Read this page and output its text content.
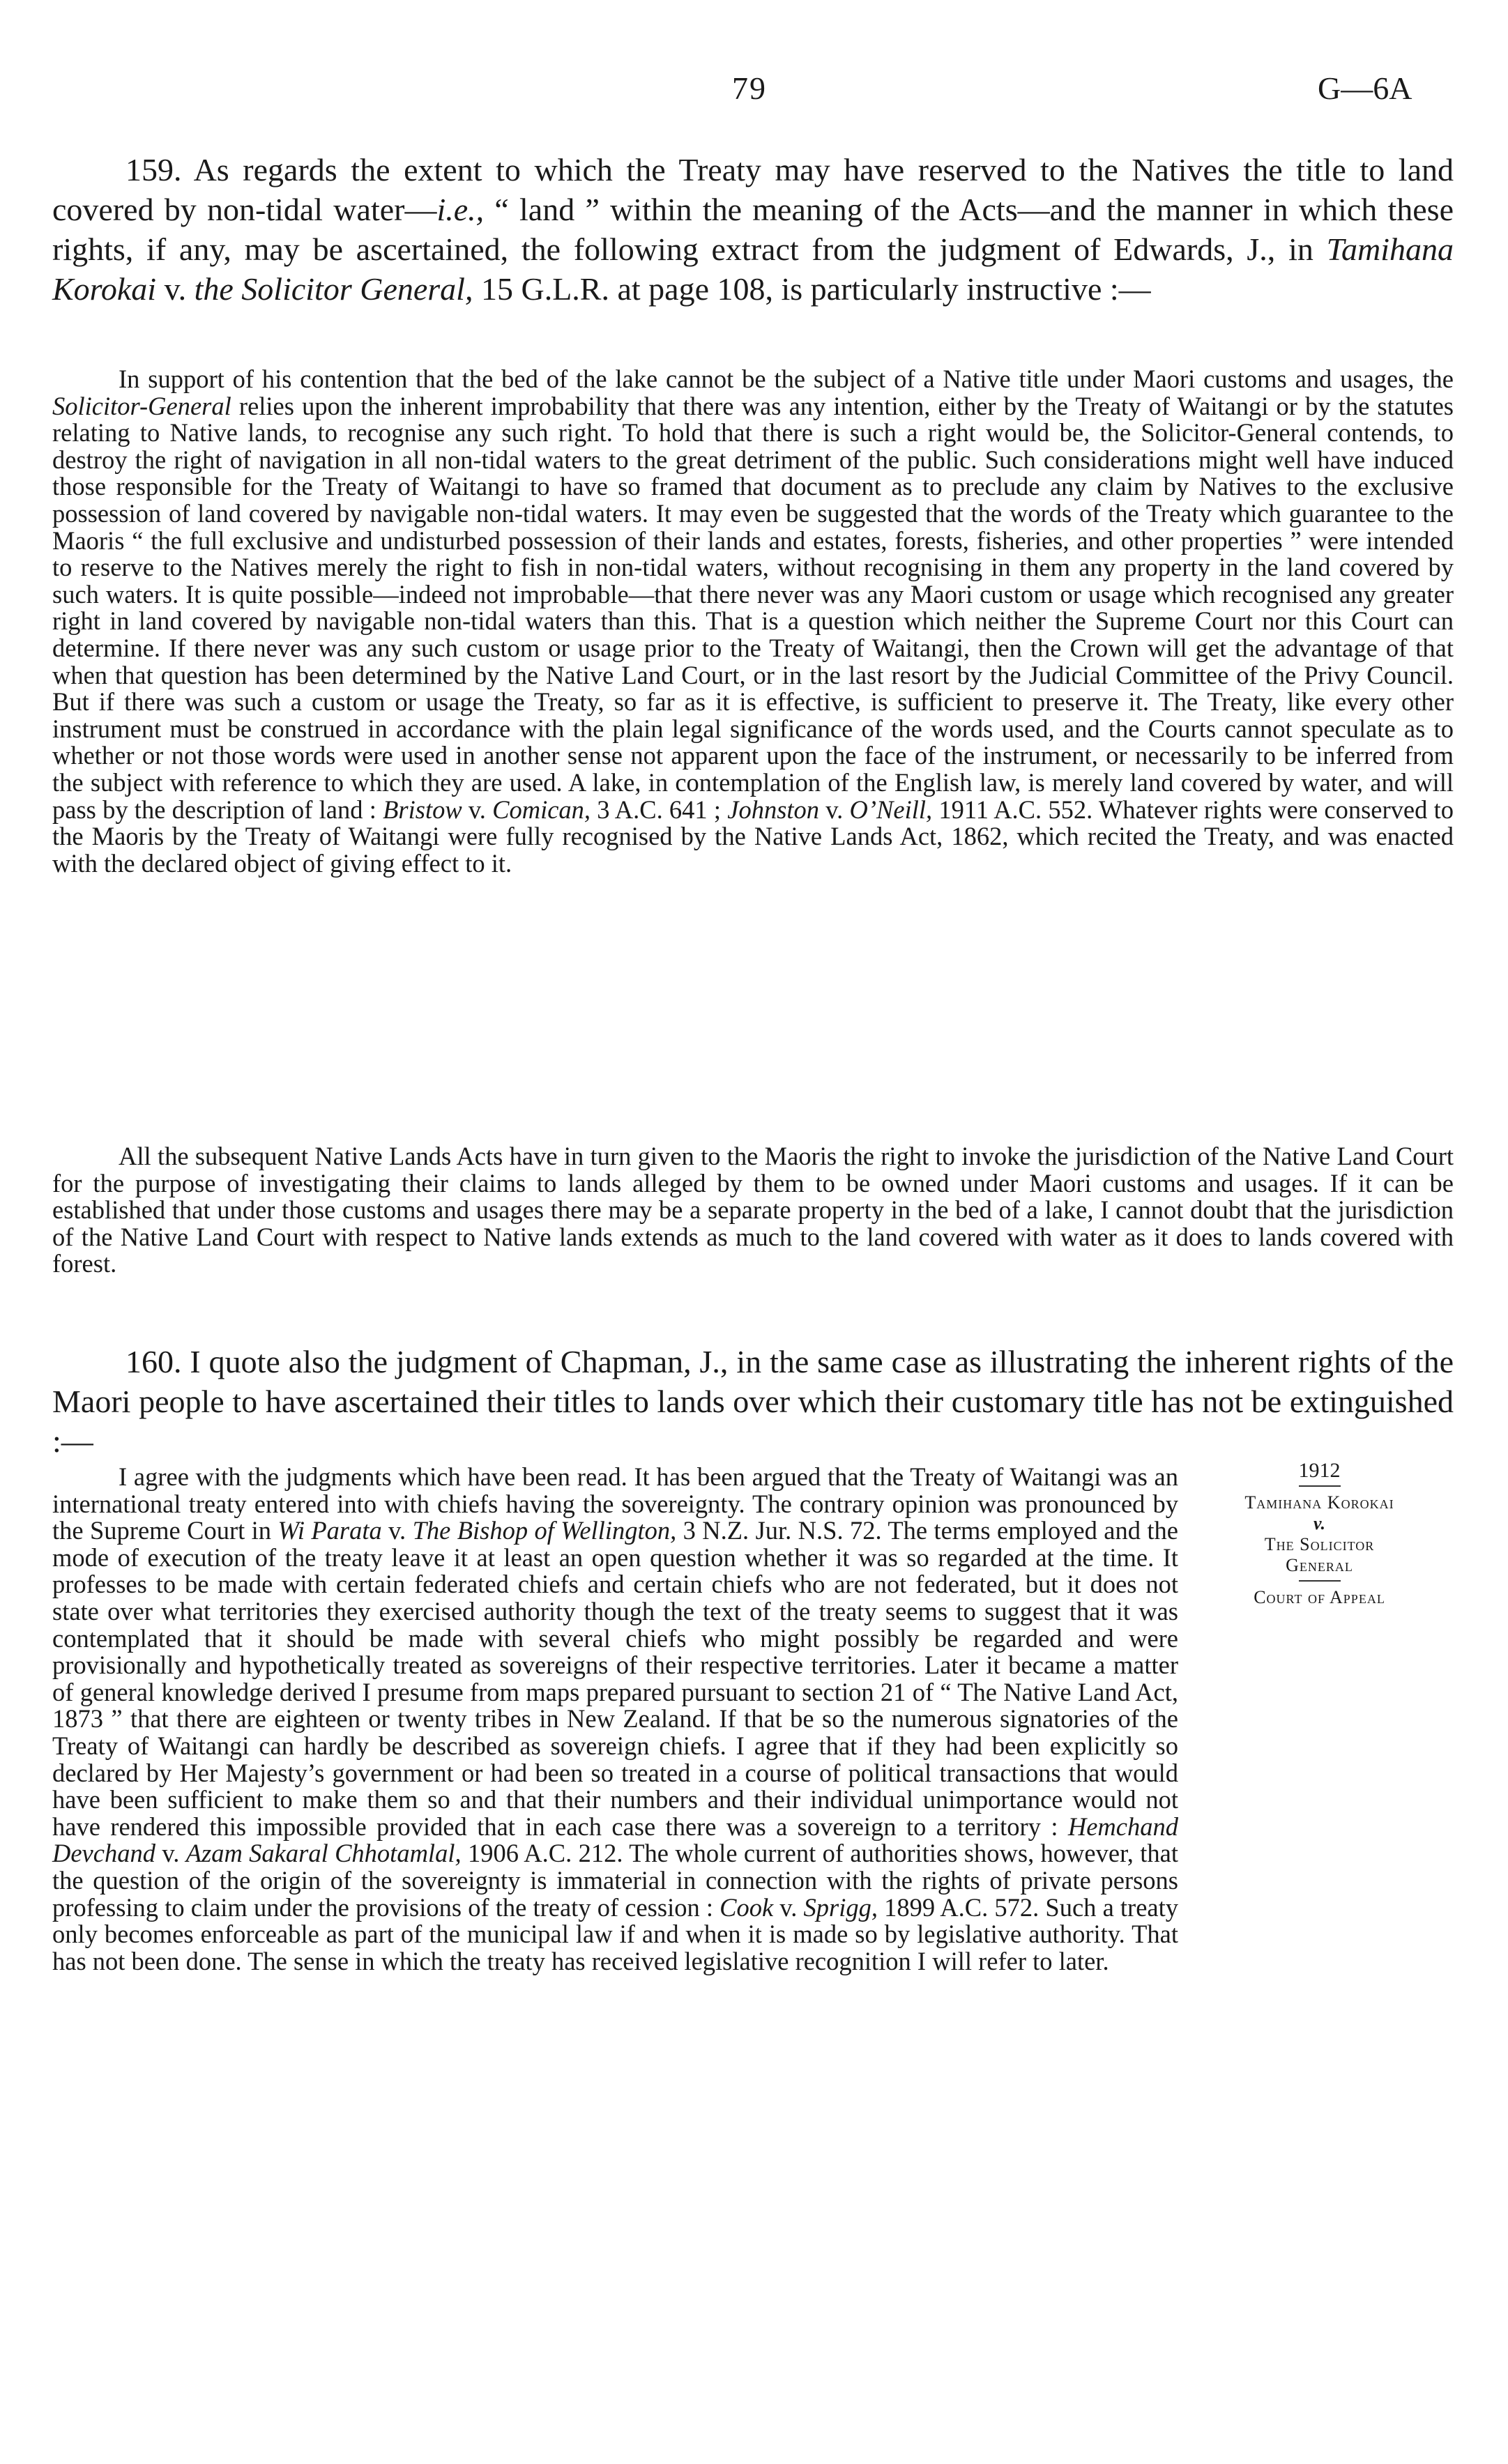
79	G—6A

159. As regards the extent to which the Treaty may have reserved to the Natives the title to land covered by non-tidal water—i.e., “ land ” within the meaning of the Acts—and the manner in which these rights, if any, may be ascertained, the following extract from the judgment of Edwards, J., in Tamihana Korokai v. the Solicitor General, 15 G.L.R. at page 108, is particularly instructive :—

In support of his contention that the bed of the lake cannot be the subject of a Native title under Maori customs and usages, the Solicitor-General relies upon the inherent improbability that there was any intention, either by the Treaty of Waitangi or by the statutes relating to Native lands, to recognise any such right. To hold that there is such a right would be, the Solicitor-General contends, to destroy the right of navigation in all non-tidal waters to the great detriment of the public. Such considerations might well have induced those responsible for the Treaty of Waitangi to have so framed that document as to preclude any claim by Natives to the exclusive possession of land covered by navigable non-tidal waters. It may even be suggested that the words of the Treaty which guarantee to the Maoris “ the full exclusive and undisturbed possession of their lands and estates, forests, fisheries, and other properties ” were intended to reserve to the Natives merely the right to fish in non-tidal waters, without recognising in them any property in the land covered by such waters. It is quite possible—indeed not improbable—that there never was any Maori custom or usage which recognised any greater right in land covered by navigable non-tidal waters than this. That is a question which neither the Supreme Court nor this Court can determine. If there never was any such custom or usage prior to the Treaty of Waitangi, then the Crown will get the advantage of that when that question has been determined by the Native Land Court, or in the last resort by the Judicial Committee of the Privy Council. But if there was such a custom or usage the Treaty, so far as it is effective, is sufficient to preserve it. The Treaty, like every other instrument must be construed in accordance with the plain legal significance of the words used, and the Courts cannot speculate as to whether or not those words were used in another sense not apparent upon the face of the instrument, or necessarily to be inferred from the subject with reference to which they are used. A lake, in contemplation of the English law, is merely land covered by water, and will pass by the description of land : Bristow v. Comican, 3 A.C. 641 ; Johnston v. O’Neill, 1911 A.C. 552. Whatever rights were conserved to the Maoris by the Treaty of Waitangi were fully recognised by the Native Lands Act, 1862, which recited the Treaty, and was enacted with the declared object of giving effect to it.

All the subsequent Native Lands Acts have in turn given to the Maoris the right to invoke the jurisdiction of the Native Land Court for the purpose of investigating their claims to lands alleged by them to be owned under Maori customs and usages. If it can be established that under those customs and usages there may be a separate property in the bed of a lake, I cannot doubt that the jurisdiction of the Native Land Court with respect to Native lands extends as much to the land covered with water as it does to lands covered with forest.

160. I quote also the judgment of Chapman, J., in the same case as illustrating the inherent rights of the Maori people to have ascertained their titles to lands over which their customary title has not be extinguished :—

I agree with the judgments which have been read. It has been argued that the Treaty of Waitangi was an international treaty entered into with chiefs having the sovereignty. The contrary opinion was pronounced by the Supreme Court in Wi Parata v. The Bishop of Wellington, 3 N.Z. Jur. N.S. 72. The terms employed and the mode of execution of the treaty leave it at least an open question whether it was so regarded at the time. It professes to be made with certain federated chiefs and certain chiefs who are not federated, but it does not state over what territories they exercised authority though the text of the treaty seems to suggest that it was contemplated that it should be made with several chiefs who might possibly be regarded and were provisionally and hypothetically treated as sovereigns of their respective territories. Later it became a matter of general knowledge derived I presume from maps prepared pursuant to section 21 of “ The Native Land Act, 1873 ” that there are eighteen or twenty tribes in New Zealand. If that be so the numerous signatories of the Treaty of Waitangi can hardly be described as sovereign chiefs. I agree that if they had been explicitly so declared by Her Majesty’s government or had been so treated in a course of political transactions that would have been sufficient to make them so and that their numbers and their individual unimportance would not have rendered this impossible provided that in each case there was a sovereign to a territory : Hemchand Devchand v. Azam Sakaral Chhotamlal, 1906 A.C. 212. The whole current of authorities shows, however, that the question of the origin of the sovereignty is immaterial in connection with the rights of private persons professing to claim under the provisions of the treaty of cession : Cook v. Sprigg, 1899 A.C. 572. Such a treaty only becomes enforceable as part of the municipal law if and when it is made so by legislative authority. That has not been done. The sense in which the treaty has received legislative recognition I will refer to later.

1912
Tamihana Korokai
v.
The Solicitor
General
Court of Appeal
